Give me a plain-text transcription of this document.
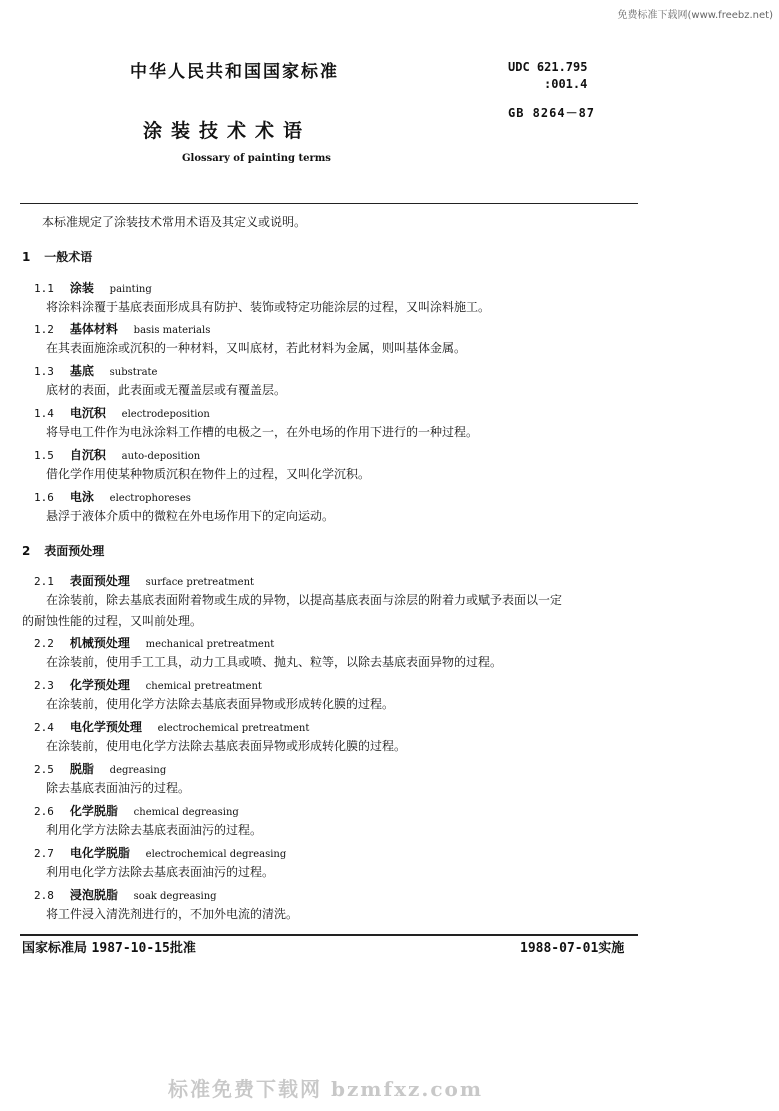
免费标准下载网(www.freebz.net)
中华人民共和国国家标准	UDC 621.795
:001.4
GB 8264－87
涂装技术术语
Glossary of painting terms
本标准规定了涂装技术常用术语及其定义或说明。
1 一般术语
1.1 涂装 painting
将涂料涂覆于基底表面形成具有防护、装饰或特定功能涂层的过程，又叫涂料施工。
1.2 基体材料 basis materials
在其表面施涂或沉积的一种材料，又叫底材，若此材料为金属，则叫基体金属。
1.3 基底 substrate
底材的表面，此表面或无覆盖层或有覆盖层。
1.4 电沉积 electrodeposition
将导电工件作为电泳涂料工作槽的电极之一，在外电场的作用下进行的一种过程。
1.5 自沉积 auto-deposition
借化学作用使某种物质沉积在物件上的过程，又叫化学沉积。
1.6 电泳 electrophoreses
悬浮于液体介质中的微粒在外电场作用下的定向运动。
2 表面预处理
2.1 表面预处理 surface pretreatment
在涂装前，除去基底表面附着物或生成的异物，以提高基底表面与涂层的附着力或赋予表面以一定
的耐蚀性能的过程，又叫前处理。
2.2 机械预处理 mechanical pretreatment
在涂装前，使用手工工具，动力工具或喷、抛丸、粒等，以除去基底表面异物的过程。
2.3 化学预处理 chemical pretreatment
在涂装前，使用化学方法除去基底表面异物或形成转化膜的过程。
2.4 电化学预处理 electrochemical pretreatment
在涂装前，使用电化学方法除去基底表面异物或形成转化膜的过程。
2.5 脱脂 degreasing
除去基底表面油污的过程。
2.6 化学脱脂 chemical degreasing
利用化学方法除去基底表面油污的过程。
2.7 电化学脱脂 electrochemical degreasing
利用电化学方法除去基底表面油污的过程。
2.8 浸泡脱脂 soak degreasing
将工件浸入清洗剂进行的，不加外电流的清洗。
国家标准局 1987-10-15批准	1988-07-01实施
标准免费下载网 bzmfxz.com
